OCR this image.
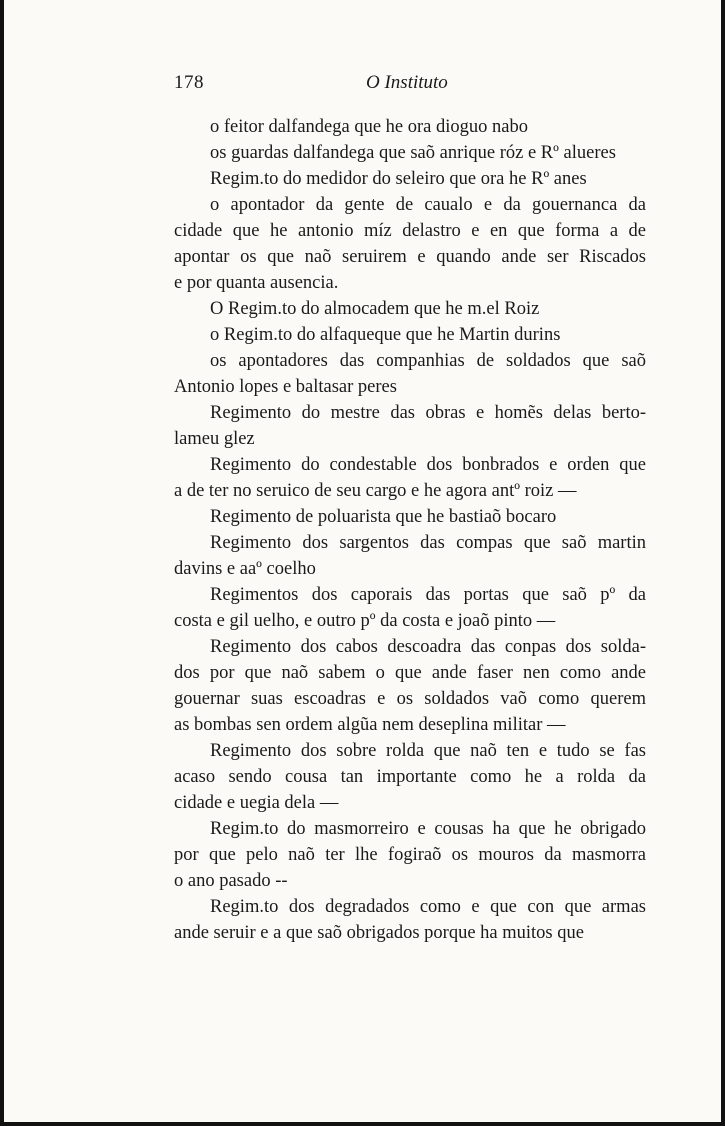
178	O Instituto

o feitor dalfandega que he ora dioguo nabo

os guardas dalfandega que saõ anrique róz e Rº alueres

Regim.to do medidor do seleiro que ora he Rº anes

o apontador da gente de caualo e da gouernanca da
cidade que he antonio míz delastro e en que forma a de
apontar os que naõ seruirem e quando ande ser Riscados
e por quanta ausencia.

O Regim.to do almocadem que he m.el Roiz

o Regim.to do alfaqueque que he Martin durins

os apontadores das companhias de soldados que saõ
Antonio lopes e baltasar peres

Regimento do mestre das obras e homẽs delas berto-
lameu glez

Regimento do condestable dos bonbrados e orden que
a de ter no seruico de seu cargo e he agora antº roiz —

Regimento de poluarista que he bastiaõ bocaro

Regimento dos sargentos das compas que saõ martin
davins e aaº coelho

Regimentos dos caporais das portas que saõ pº da
costa e gil uelho, e outro pº da costa e joaõ pinto —

Regimento dos cabos descoadra das conpas dos solda-
dos por que naõ sabem o que ande faser nen como ande
gouernar suas escoadras e os soldados vaõ como querem
as bombas sen ordem algũa nem deseplina militar —

Regimento dos sobre rolda que naõ ten e tudo se fas
acaso sendo cousa tan importante como he a rolda da
cidade e uegia dela —

Regim.to do masmorreiro e cousas ha que he obrigado
por que pelo naõ ter lhe fogiraõ os mouros da masmorra
o ano pasado --

Regim.to dos degradados como e que con que armas
ande seruir e a que saõ obrigados porque ha muitos que
